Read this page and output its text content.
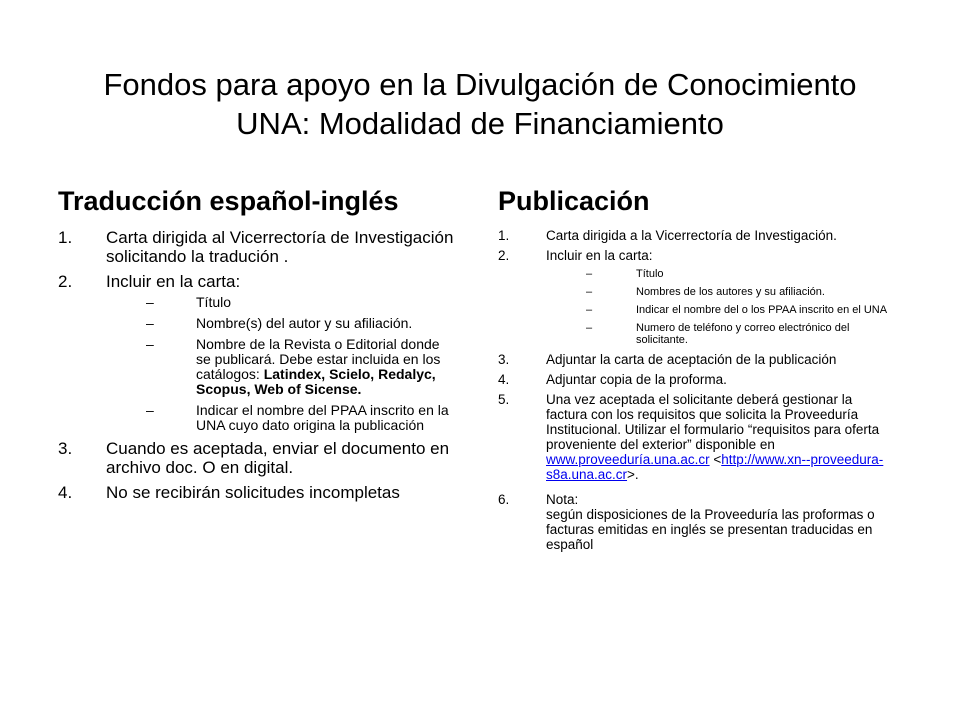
Fondos para apoyo en la Divulgación de Conocimiento
UNA: Modalidad de Financiamiento
Traducción español-inglés
1. Carta dirigida al Vicerrectoría de Investigación solicitando la tradución .
2. Incluir en la carta:
–	Título
–	Nombre(s) del autor y su afiliación.
–	Nombre de la Revista o Editorial donde se publicará. Debe estar incluida en los catálogos: Latindex, Scielo, Redalyc, Scopus, Web of Sicense.
–	Indicar el nombre del PPAA inscrito en la UNA cuyo dato origina la publicación
3. Cuando es aceptada, enviar el documento en archivo doc. O en digital.
4. No se recibirán solicitudes incompletas
Publicación
1.	Carta dirigida a la Vicerrectoría de Investigación.
2.	Incluir en la carta:
–	Título
–	Nombres de los autores y su afiliación.
–	Indicar el nombre del o los PPAA inscrito en el UNA
–	Numero de teléfono y correo electrónico del solicitante.
3.	Adjuntar la carta de aceptación de la publicación
4.	Adjuntar copia de la proforma.
5.	Una vez aceptada el solicitante deberá gestionar la factura con los requisitos que solicita la Proveeduría Institucional. Utilizar el formulario “requisitos para oferta proveniente del exterior” disponible en www.proveeduría.una.ac.cr <http://www.xn--proveedura-s8a.una.ac.cr>.
6.	Nota:
según disposiciones de la Proveeduría las proformas o facturas emitidas en inglés se presentan traducidas en español
